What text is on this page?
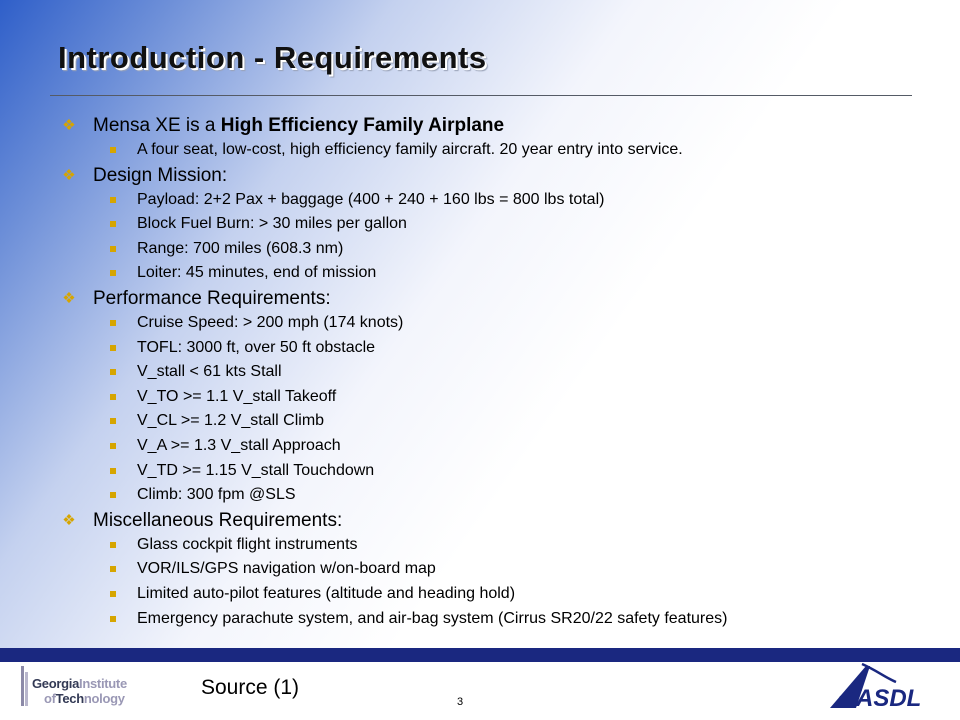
Introduction - Requirements
❖ Mensa XE is a High Efficiency Family Airplane
A four seat, low-cost, high efficiency family aircraft. 20 year entry into service.
❖ Design Mission:
Payload: 2+2 Pax + baggage (400 + 240 + 160 lbs = 800 lbs total)
Block Fuel Burn: > 30 miles per gallon
Range: 700 miles (608.3 nm)
Loiter: 45 minutes, end of mission
❖ Performance Requirements:
Cruise Speed: > 200 mph (174 knots)
TOFL: 3000 ft, over 50 ft obstacle
V_stall < 61 kts Stall
V_TO >= 1.1 V_stall Takeoff
V_CL >= 1.2 V_stall Climb
V_A >= 1.3 V_stall Approach
V_TD >= 1.15 V_stall Touchdown
Climb: 300 fpm @SLS
❖ Miscellaneous Requirements:
Glass cockpit flight instruments
VOR/ILS/GPS navigation w/on-board map
Limited auto-pilot features (altitude and heading hold)
Emergency parachute system, and air-bag system (Cirrus SR20/22 safety features)
GeorgiaInstitute
ofTechnology	Source (1)
3	ASDL
